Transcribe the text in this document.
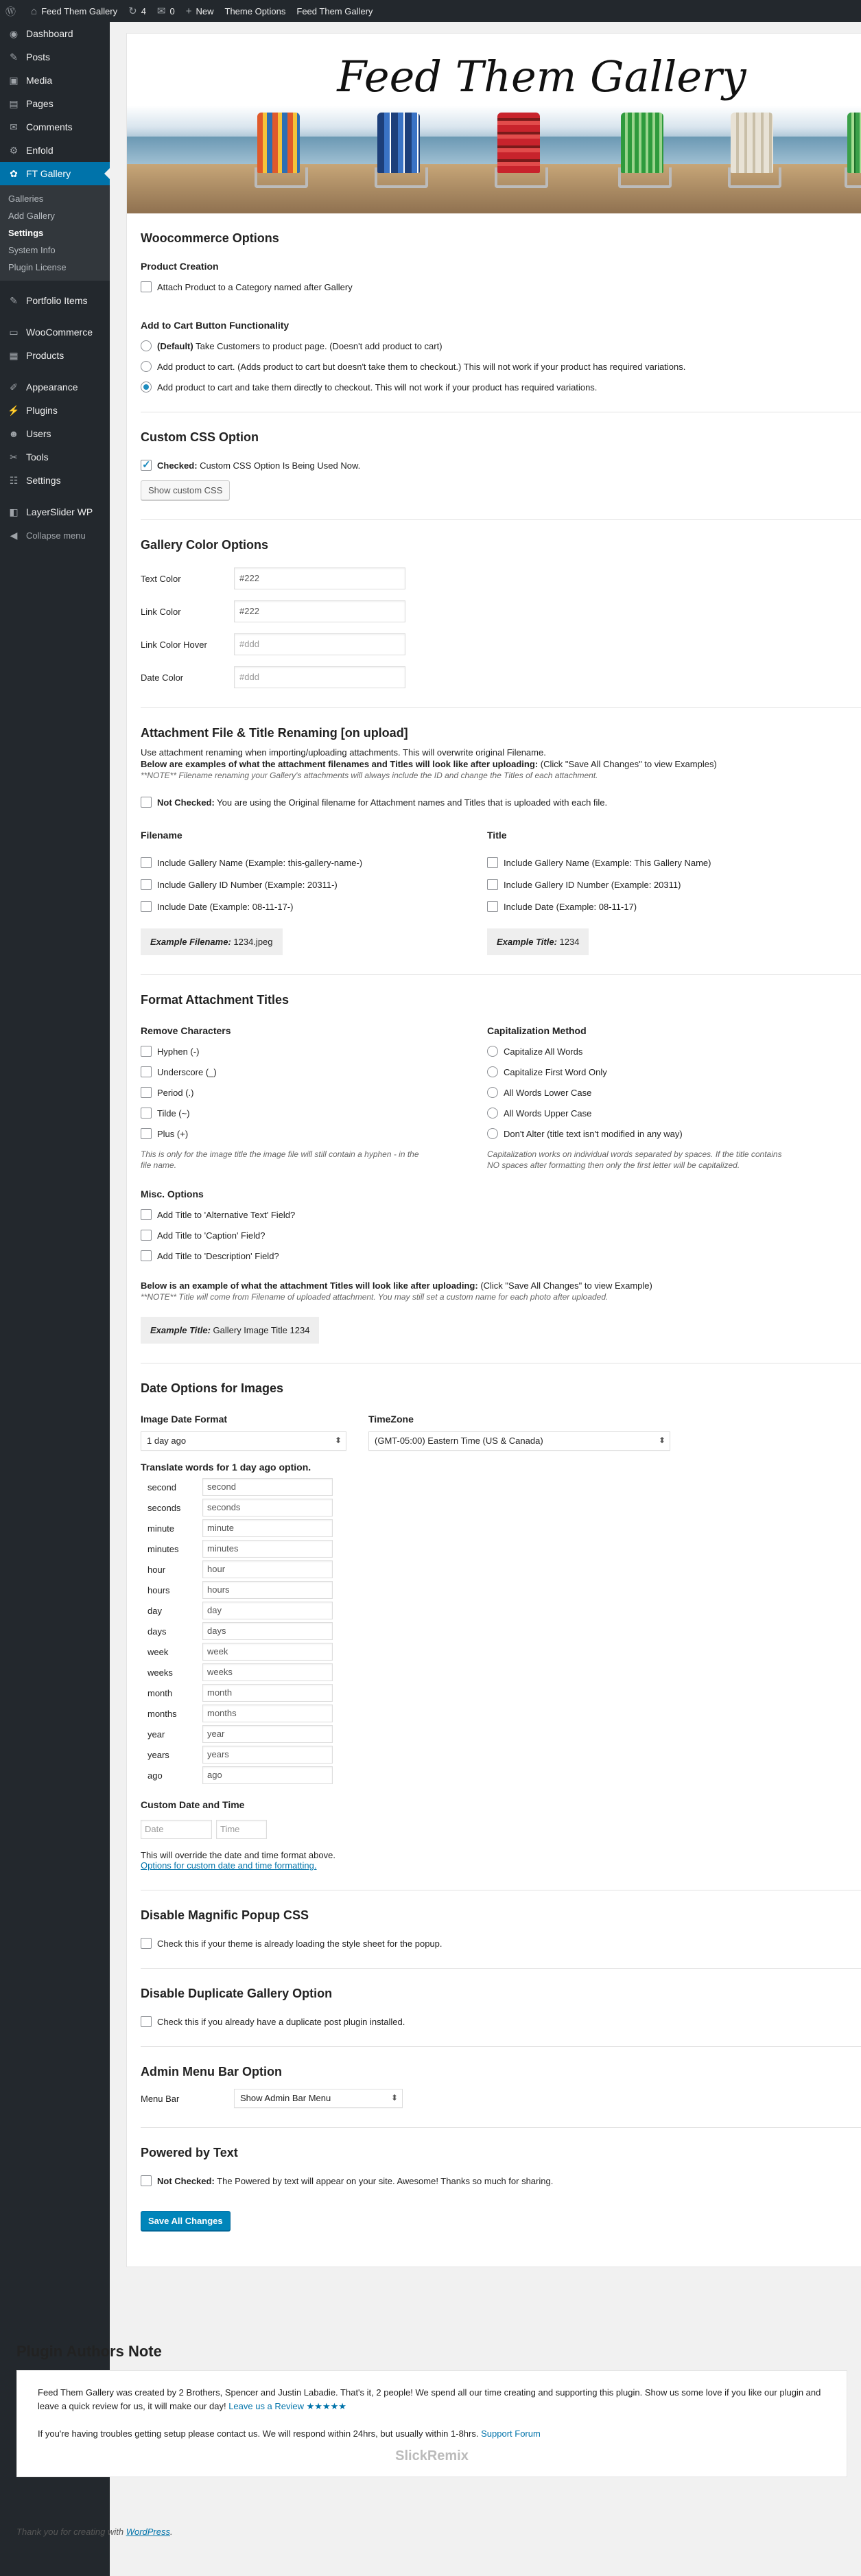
Ⓦ ⌂ Feed Them Gallery ↻ 4 ✉ 0 + New	Theme Options	Feed Them Gallery
◉ Dashboard
✎ Posts
▣ Media
▤ Pages
✉ Comments
⚙ Enfold
✿ FT Gallery
Galleries
Add Gallery
Settings
System Info
Plugin License
✎ Portfolio Items
▭ WooCommerce
▦ Products
✐ Appearance
⚡ Plugins
☻ Users
✂ Tools
☷ Settings
◧ LayerSlider WP
◀ Collapse menu
Feed Them Gallery
Woocommerce Options
Product Creation
Attach Product to a Category named after Gallery
Add to Cart Button Functionality
(Default) Take Customers to product page. (Doesn't add product to cart)
Add product to cart. (Adds product to cart but doesn't take them to checkout.) This will not work if your product has required variations.
Add product to cart and take them directly to checkout. This will not work if your product has required variations.
Custom CSS Option
✓
Checked: Custom CSS Option Is Being Used Now.
Show custom CSS
Gallery Color Options
Text Color	#222
Link Color	#222
Link Color Hover	#ddd
Date Color	#ddd
Attachment File & Title Renaming [on upload]
Use attachment renaming when importing/uploading attachments. This will overwrite original Filename.
Below are examples of what the attachment filenames and Titles will look like after uploading: (Click "Save All Changes" to view Examples)
**NOTE** Filename renaming your Gallery's attachments will always include the ID and change the Titles of each attachment.
Not Checked: You are using the Original filename for Attachment names and Titles that is uploaded with each file.
Filename
Include Gallery Name (Example: this-gallery-name-)
Include Gallery ID Number (Example: 20311-)
Include Date (Example: 08-11-17-)
Example Filename: 1234.jpeg
Title
Include Gallery Name (Example: This Gallery Name)
Include Gallery ID Number (Example: 20311)
Include Date (Example: 08-11-17)
Example Title: 1234
Format Attachment Titles
Remove Characters
Hyphen (-)
Underscore (_)
Period (.)
Tilde (~)
Plus (+)
This is only for the image title the image file will still contain a hyphen - in the file name.
Capitalization Method
Capitalize All Words
Capitalize First Word Only
All Words Lower Case
All Words Upper Case
Don't Alter (title text isn't modified in any way)
Capitalization works on individual words separated by spaces. If the title contains NO spaces after formatting then only the first letter will be capitalized.
Misc. Options
Add Title to 'Alternative Text' Field?
Add Title to 'Caption' Field?
Add Title to 'Description' Field?
Below is an example of what the attachment Titles will look like after uploading: (Click "Save All Changes" to view Example)
**NOTE** Title will come from Filename of uploaded attachment. You may still set a custom name for each photo after uploaded.
Example Title: Gallery Image Title 1234
Date Options for Images
Image Date Format
1 day ago ⬍
TimeZone
(GMT-05:00) Eastern Time (US & Canada) ⬍
Translate words for 1 day ago option.
second	second
seconds	seconds
minute	minute
minutes	minutes
hour	hour
hours	hours
day	day
days	days
week	week
weeks	weeks
month	month
months	months
year	year
years	years
ago	ago
Custom Date and Time
Date	Time
This will override the date and time format above.
Options for custom date and time formatting.
Disable Magnific Popup CSS
Check this if your theme is already loading the style sheet for the popup.
Disable Duplicate Gallery Option
Check this if you already have a duplicate post plugin installed.
Admin Menu Bar Option
Menu Bar	Show Admin Bar Menu ⬍
Powered by Text
Not Checked: The Powered by text will appear on your site. Awesome! Thanks so much for sharing.
Save All Changes
Plugin Authors Note
Feed Them Gallery was created by 2 Brothers, Spencer and Justin Labadie. That's it, 2 people! We spend all our time creating and supporting this plugin. Show us some love if you like our plugin and leave a quick review for us, it will make our day! Leave us a Review ★★★★★
If you're having troubles getting setup please contact us. We will respond within 24hrs, but usually within 1-8hrs. Support Forum
SlickRemix
Thank you for creating with WordPress.
